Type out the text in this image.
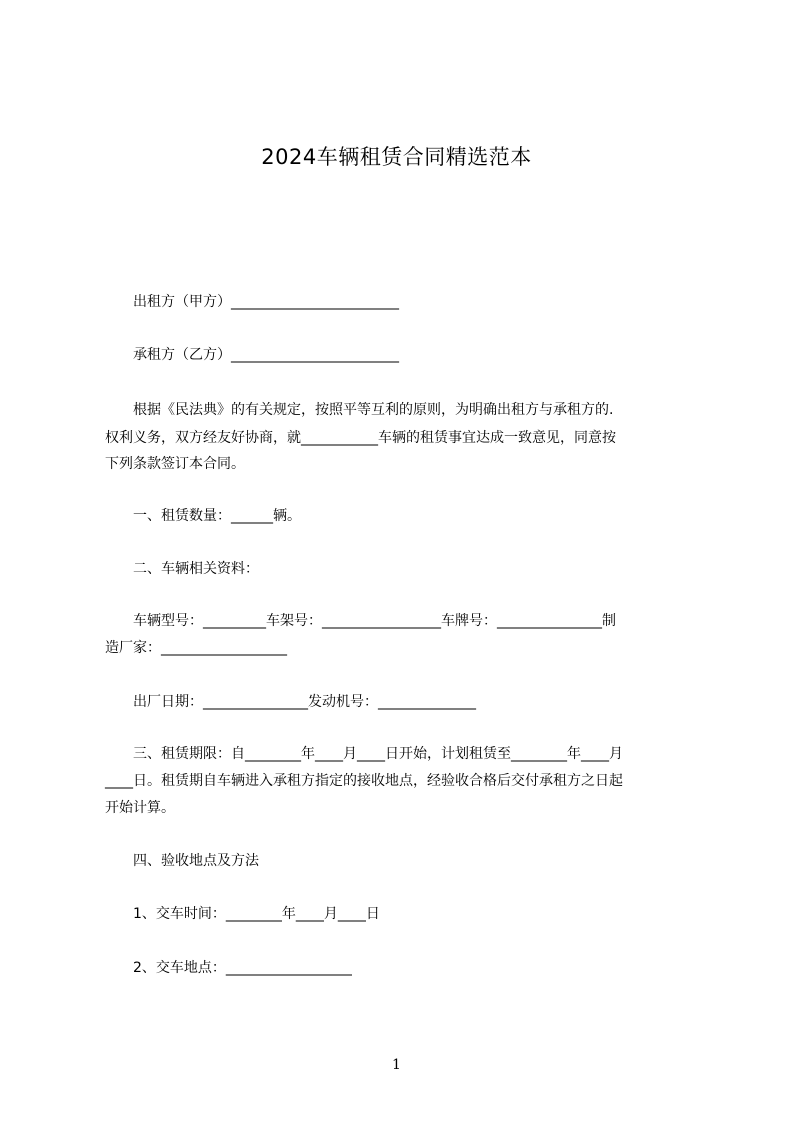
2024车辆租赁合同精选范本
　　出租方（甲方）________________________
　　承租方（乙方）________________________
　　根据《民法典》的有关规定，按照平等互利的原则，为明确出租方与承租方的.
权利义务，双方经友好协商，就___________车辆的租赁事宜达成一致意见，同意按
下列条款签订本合同。
　　一、租赁数量：______辆。
　　二、车辆相关资料：
　　车辆型号：_________车架号：_________________车牌号：_______________制
造厂家：__________________
　　出厂日期：_______________发动机号：______________
　　三、租赁期限：自________年____月____日开始，计划租赁至________年____月
____日。租赁期自车辆进入承租方指定的接收地点，经验收合格后交付承租方之日起
开始计算。
　　四、验收地点及方法
　　1、交车时间：________年____月____日
　　2、交车地点：__________________
1
